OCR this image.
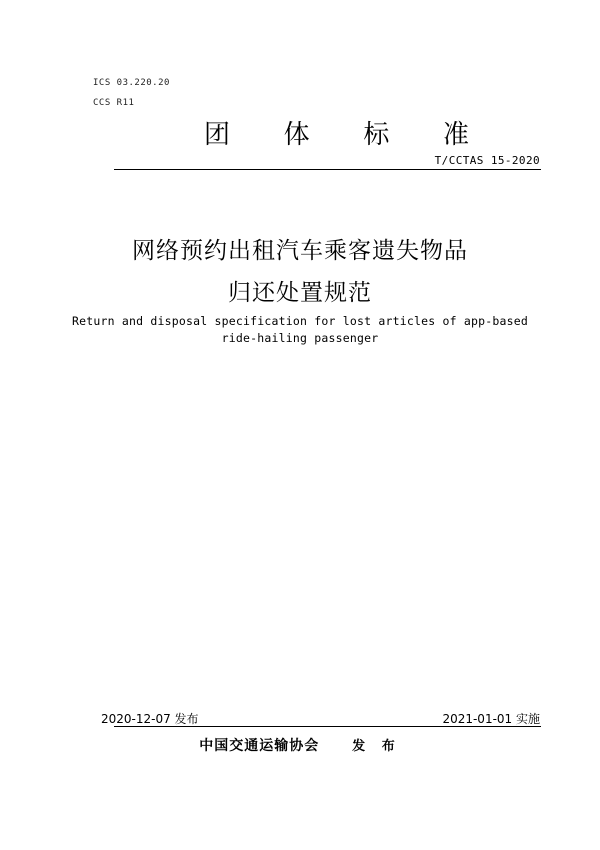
ICS 03.220.20
CCS R11
团 体 标 准
T/CCTAS 15-2020
网络预约出租汽车乘客遗失物品
归还处置规范
Return and disposal specification for lost articles of app-based
ride-hailing passenger
2020-12-07 发布	2021-01-01 实施
中国交通运输协会	发 布
